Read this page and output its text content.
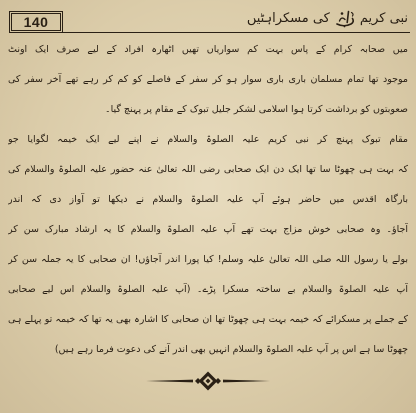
140	نبی کریم
کی مسکراہٹیں
میں صحابہ کرام کے پاس بہت کم سواریاں تھیں اٹھارہ افراد کے لیے صرف ایک اونٹ
موجود تھا تمام مسلمان باری باری سوار ہو کر سفر کے فاصلے کو کم کر رہے تھے آخر سفر کی
صعوبتوں کو برداشت کرتا ہوا اسلامی لشکر جلیل تبوک کے مقام پر پہنچ گیا۔
مقام تبوک پہنچ کر نبی کریم علیہ الصلوۃ والسلام نے اپنے لیے ایک خیمہ لگوایا جو
کہ بہت ہی چھوٹا سا تھا ایک دن ایک صحابی رضی اللہ تعالیٰ عنہ حضور علیہ الصلوۃ والسلام کی
بارگاہ اقدس میں حاضر ہوئے آپ علیہ الصلوۃ والسلام نے دیکھا تو آواز دی کہ اندر
آجاؤ۔ وہ صحابی خوش مزاج بہت تھے آپ علیہ الصلوۃ والسلام کا یہ ارشاد مبارک سن کر
بولے یا رسول اللہ صلی اللہ تعالیٰ علیہ وسلم! کیا پورا اندر آجاؤں! ان صحابی کا یہ جملہ سن کر
آپ علیہ الصلوۃ والسلام بے ساختہ مسکرا پڑے۔ (آپ علیہ الصلوۃ والسلام اس لیے صحابی
کے جملے پر مسکرائے کہ خیمہ بہت ہی چھوٹا تھا ان صحابی کا اشارہ بھی یہ تھا کہ خیمہ تو پہلے ہی
چھوٹا سا ہے اس پر آپ علیہ الصلوۃ والسلام انہیں بھی اندر آنے کی دعوت فرما رہے ہیں)
